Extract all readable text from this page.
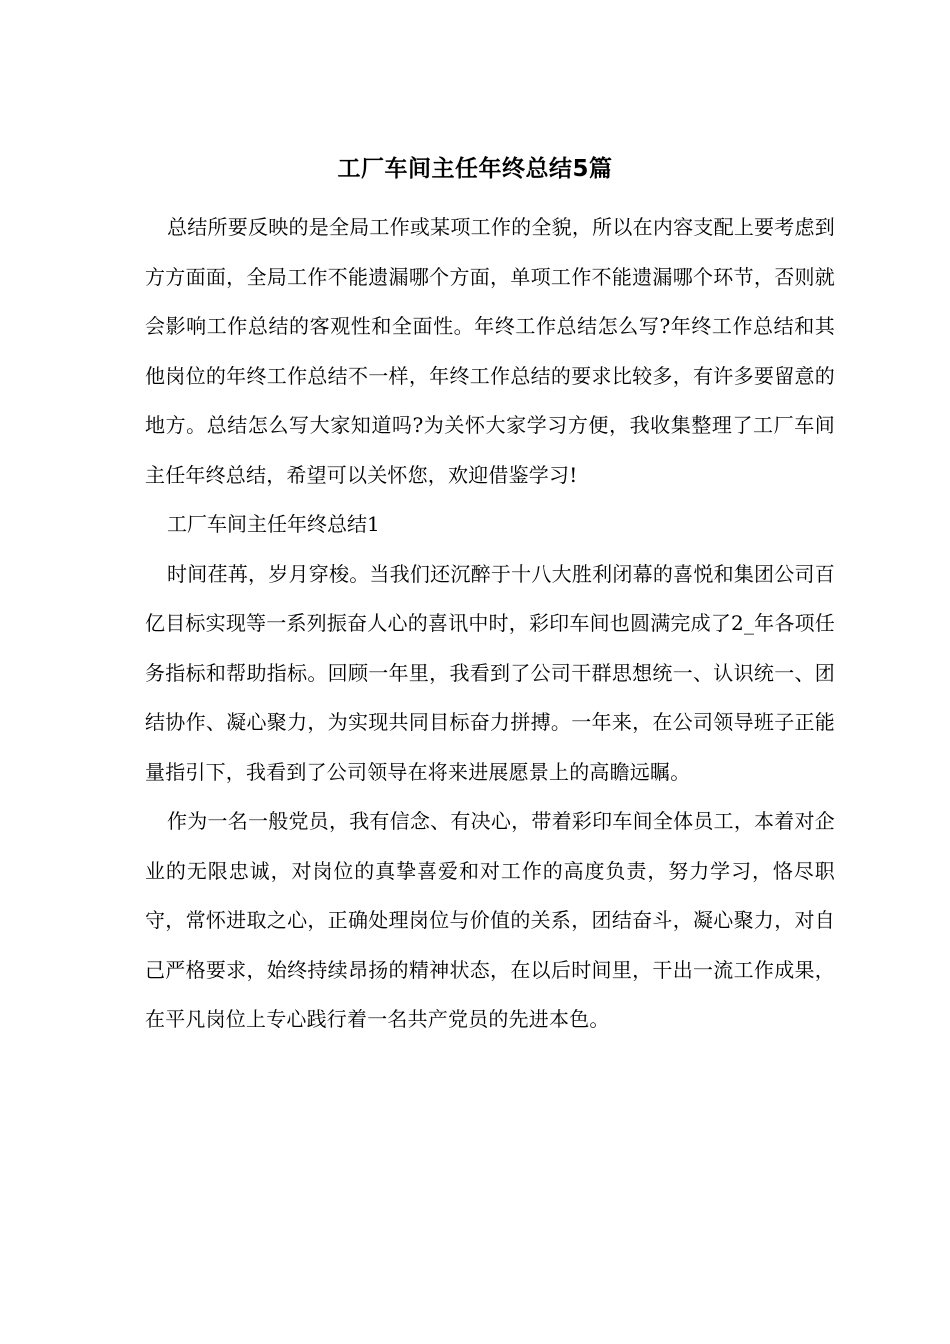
工厂车间主任年终总结5篇

总结所要反映的是全局工作或某项工作的全貌，所以在内容支配上要考虑到方方面面，全局工作不能遗漏哪个方面，单项工作不能遗漏哪个环节，否则就会影响工作总结的客观性和全面性。年终工作总结怎么写?年终工作总结和其他岗位的年终工作总结不一样，年终工作总结的要求比较多，有许多要留意的地方。总结怎么写大家知道吗?为关怀大家学习方便，我收集整理了工厂车间主任年终总结，希望可以关怀您，欢迎借鉴学习!

工厂车间主任年终总结1

时间荏苒，岁月穿梭。当我们还沉醉于十八大胜利闭幕的喜悦和集团公司百亿目标实现等一系列振奋人心的喜讯中时，彩印车间也圆满完成了2_年各项任务指标和帮助指标。回顾一年里，我看到了公司干群思想统一、认识统一、团结协作、凝心聚力，为实现共同目标奋力拼搏。一年来，在公司领导班子正能量指引下，我看到了公司领导在将来进展愿景上的高瞻远瞩。

作为一名一般党员，我有信念、有决心，带着彩印车间全体员工，本着对企业的无限忠诚，对岗位的真挚喜爱和对工作的高度负责，努力学习，恪尽职守，常怀进取之心，正确处理岗位与价值的关系，团结奋斗，凝心聚力，对自己严格要求，始终持续昂扬的精神状态，在以后时间里，干出一流工作成果，在平凡岗位上专心践行着一名共产党员的先进本色。
